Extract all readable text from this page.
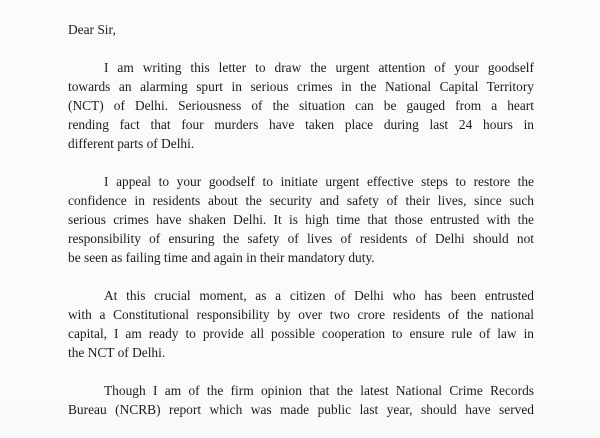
Dear Sir,
I am writing this letter to draw the urgent attention of your goodself
towards an alarming spurt in serious crimes in the National Capital Territory
(NCT) of Delhi. Seriousness of the situation can be gauged from a heart
rending fact that four murders have taken place during last 24 hours in
different parts of Delhi.
I appeal to your goodself to initiate urgent effective steps to restore the
confidence in residents about the security and safety of their lives, since such
serious crimes have shaken Delhi. It is high time that those entrusted with the
responsibility of ensuring the safety of lives of residents of Delhi should not
be seen as failing time and again in their mandatory duty.
At this crucial moment, as a citizen of Delhi who has been entrusted
with a Constitutional responsibility by over two crore residents of the national
capital, I am ready to provide all possible cooperation to ensure rule of law in
the NCT of Delhi.
Though I am of the firm opinion that the latest National Crime Records
Bureau (NCRB) report which was made public last year, should have served
